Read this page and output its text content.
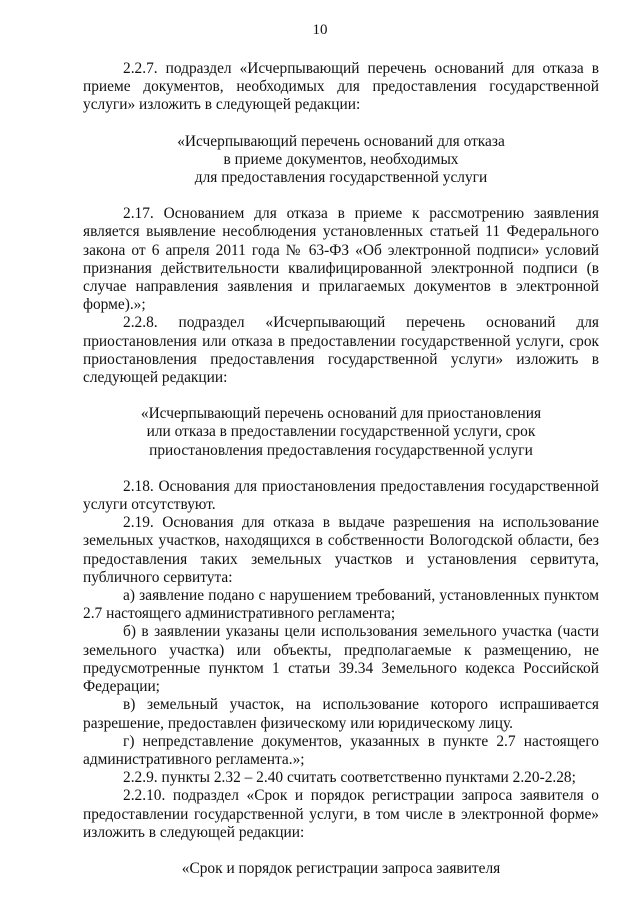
10

2.2.7. подраздел «Исчерпывающий перечень оснований для отказа в приеме документов, необходимых для предоставления государственной услуги» изложить в следующей редакции:

«Исчерпывающий перечень оснований для отказа

в приеме документов, необходимых

для предоставления государственной услуги

2.17. Основанием для отказа в приеме к рассмотрению заявления является выявление несоблюдения установленных статьей 11 Федерального закона от 6 апреля 2011 года № 63-ФЗ «Об электронной подписи» условий признания действительности квалифицированной электронной подписи (в случае направления заявления и прилагаемых документов в электронной форме).»;

2.2.8. подраздел «Исчерпывающий перечень оснований для приостановления или отказа в предоставлении государственной услуги, срок приостановления предоставления государственной услуги» изложить в следующей редакции:

«Исчерпывающий перечень оснований для приостановления

или отказа в предоставлении государственной услуги, срок

приостановления предоставления государственной услуги

2.18. Основания для приостановления предоставления государственной услуги отсутствуют.

2.19. Основания для отказа в выдаче разрешения на использование земельных участков, находящихся в собственности Вологодской области, без предоставления таких земельных участков и установления сервитута, публичного сервитута:

а) заявление подано с нарушением требований, установленных пунктом 2.7 настоящего административного регламента;

б) в заявлении указаны цели использования земельного участка (части земельного участка) или объекты, предполагаемые к размещению, не предусмотренные пунктом 1 статьи 39.34 Земельного кодекса Российской Федерации;

в) земельный участок, на использование которого испрашивается разрешение, предоставлен физическому или юридическому лицу.

г) непредставление документов, указанных в пункте 2.7 настоящего административного регламента.»;

2.2.9. пункты 2.32 – 2.40 считать соответственно пунктами 2.20-2.28;

2.2.10. подраздел «Срок и порядок регистрации запроса заявителя о предоставлении государственной услуги, в том числе в электронной форме» изложить в следующей редакции:

«Срок и порядок регистрации запроса заявителя
